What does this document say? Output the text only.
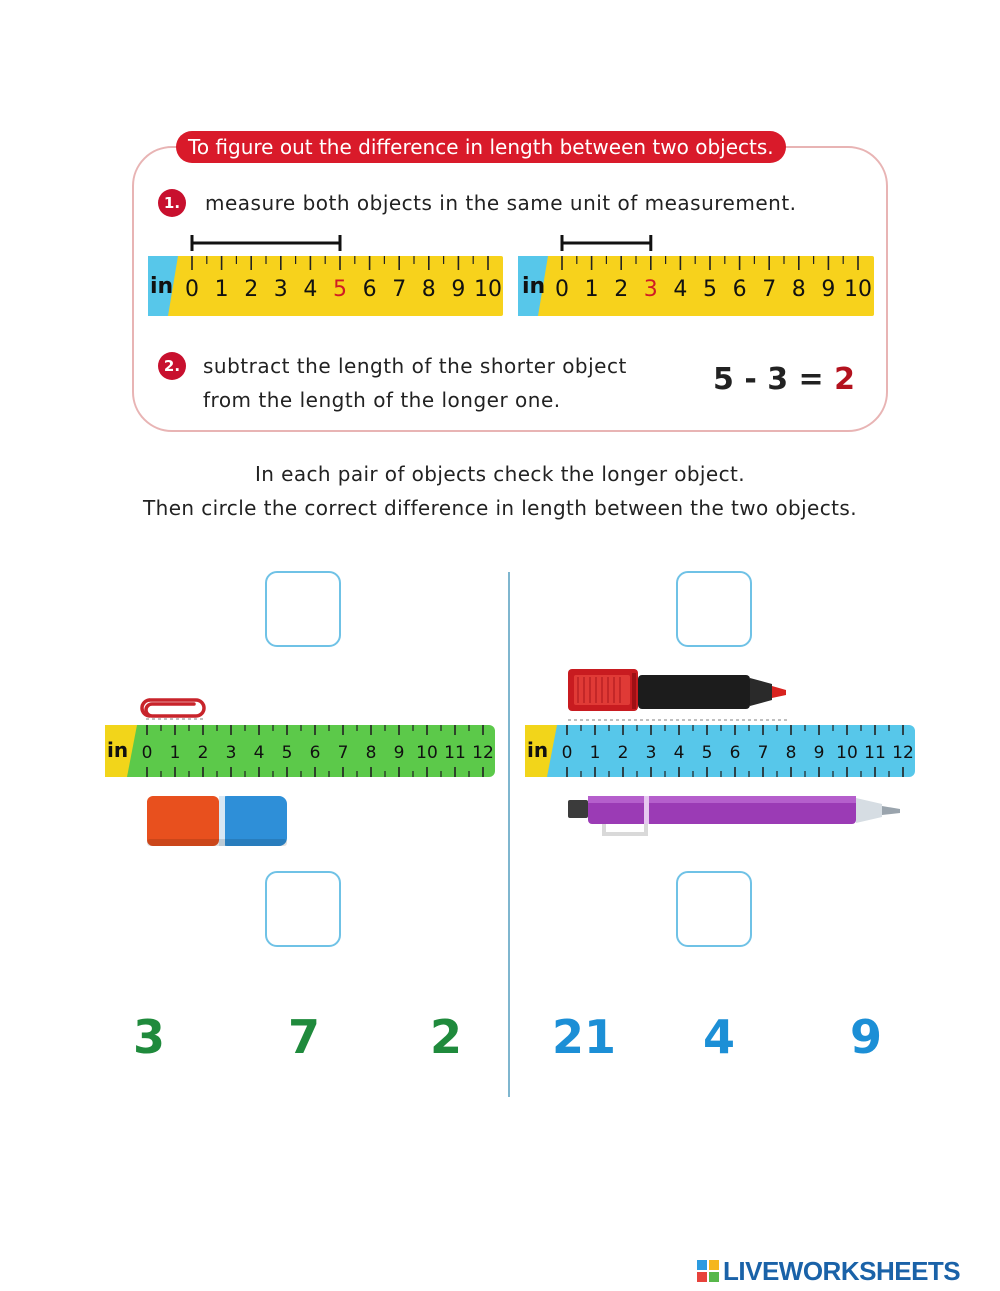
To figure out the difference in length between two objects.
1. measure both objects in the same unit of measurement.
in 0 1 2 3 4 5 6 7 8 9 10 in 0 1 2 3 4 5 6 7 8 9 10
2. subtract the length of the shorter object
from the length of the longer one.
5 - 3 = 2
In each pair of objects check the longer object.
Then circle the correct difference in length between the two objects.
in 0 1 2 3 4 5 6 7 8 9 10 11 12
3	7 2
in 0 1 2 3 4 5 6 7 8 9 10 11 12
21 4 9
LIVEWORKSHEETS
